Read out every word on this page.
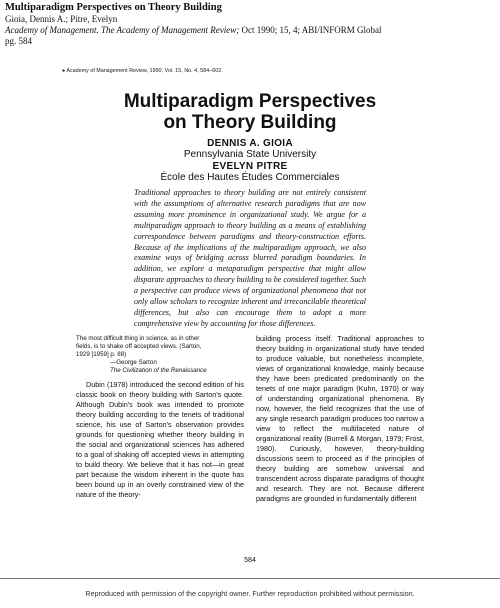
Multiparadigm Perspectives on Theory Building
Gioia, Dennis A.; Pitre, Evelyn
Academy of Management. The Academy of Management Review; Oct 1990; 15, 4; ABI/INFORM Global
pg. 584
● Academy of Management Review, 1990, Vol. 15, No. 4, 584–602.
Multiparadigm Perspectives
on Theory Building
DENNIS A. GIOIA
Pennsylvania State University
EVELYN PITRE
École des Hautes Études Commerciales

Traditional approaches to theory building are not entirely consistent with the assumptions of alternative research paradigms that are now assuming more prominence in organizational study. We argue for a multiparadigm approach to theory building as a means of establishing correspondence between paradigms and theory-construction efforts. Because of the implications of the multiparadigm approach, we also examine ways of bridging across blurred paradigm boundaries. In addition, we explore a metaparadigm perspective that might allow disparate approaches to theory building to be considered together. Such a perspective can produce views of organizational phenomena that not only allow scholars to recognize inherent and irreconcilable theoretical differences, but also can encourage them to adopt a more comprehensive view by accounting for those differences.

The most difficult thing in science, as in other
fields, is to shake off accepted views. (Sarton,
1929 [1959] p. 88)
—George Sarton
The Civilization of the Renaissance

Dubin (1978) introduced the second edition of his classic book on theory building with Sarton's quote. Although Dubin's book was intended to promote theory building according to the tenets of traditional science, his use of Sarton's observation provides grounds for questioning whether theory building in the social and organizational sciences has adhered to a goal of shaking off accepted views in attempting to build theory. We believe that it has not—in great part because the wisdom inherent in the quote has been bound up in an overly constrained view of the nature of the theory-

building process itself. Traditional approaches to theory building in organizational study have tended to produce valuable, but nonetheless incomplete, views of organizational knowledge, mainly because they have been predicated predominantly on the tenets of one major paradigm (Kuhn, 1970) or way of understanding organizational phenomena. By now, however, the field recognizes that the use of any single research paradigm produces too narrow a view to reflect the multifaceted nature of organizational reality (Burrell & Morgan, 1979; Frost, 1980). Curiously, however, theory-building discussions seem to proceed as if the principles of theory building are somehow universal and transcendent across disparate paradigms of thought and research. They are not. Because different paradigms are grounded in fundamentally different

584
Reproduced with permission of the copyright owner. Further reproduction prohibited without permission.
